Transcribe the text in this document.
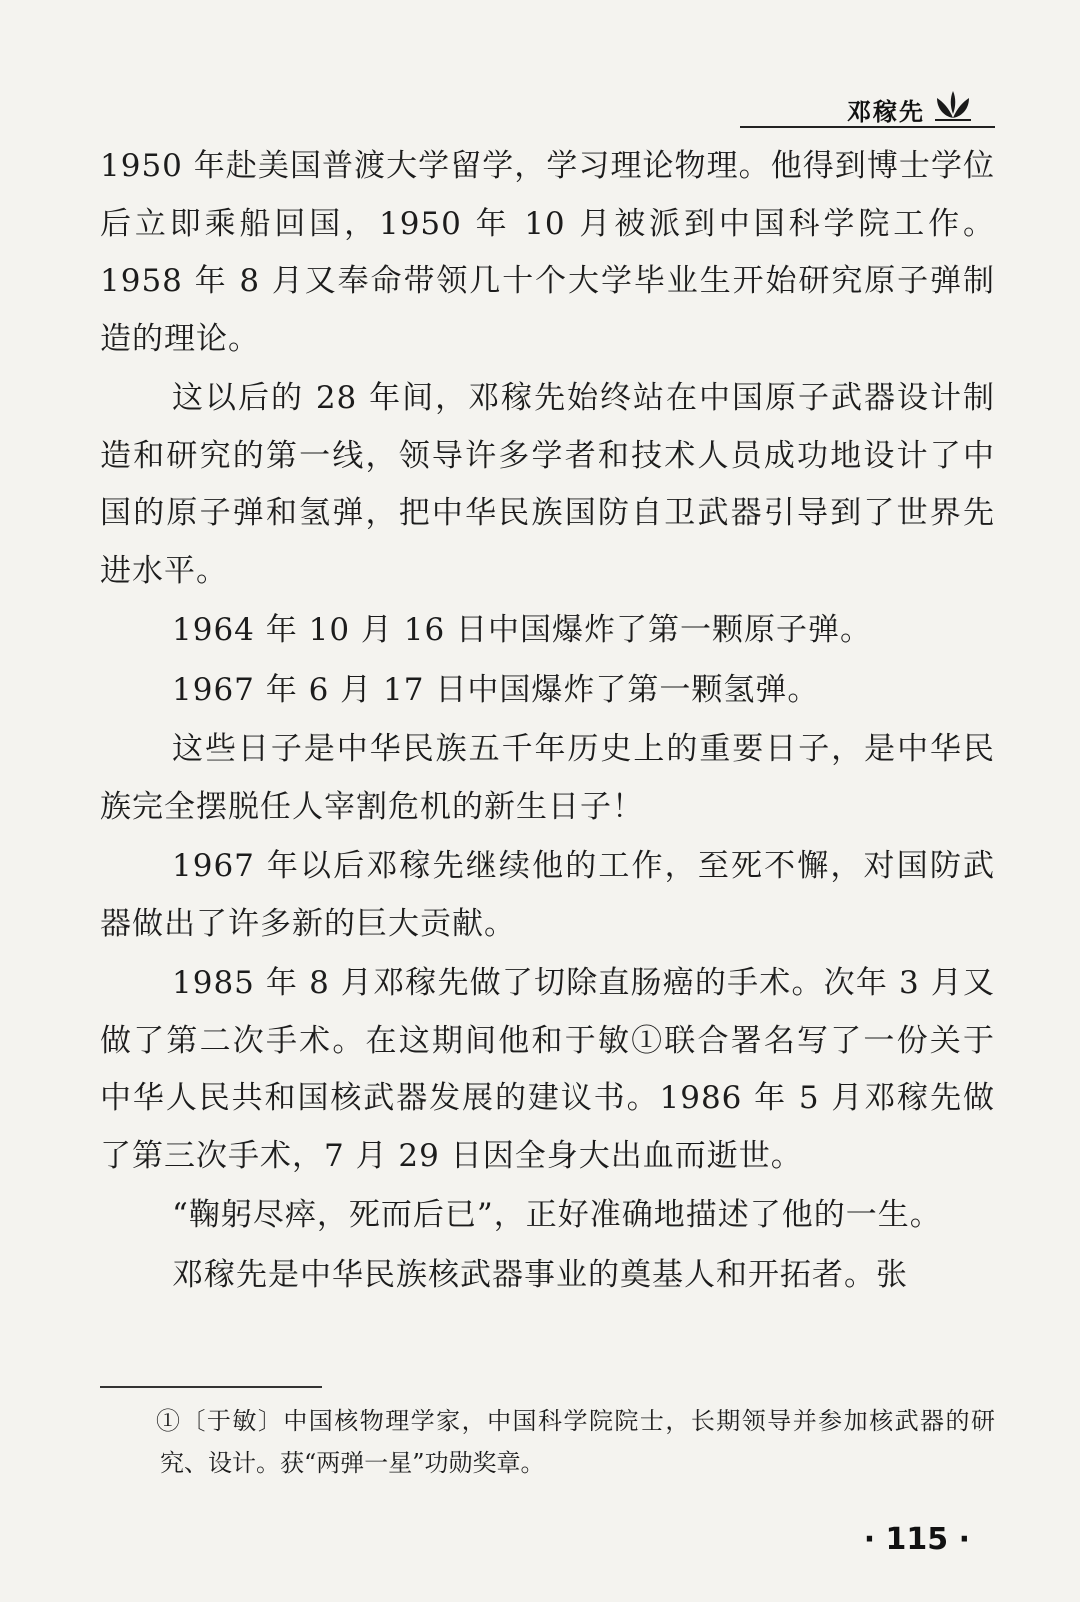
邓稼先

1950 年赴美国普渡大学留学，学习理论物理。他得到博士学位后立即乘船回国，1950 年 10 月被派到中国科学院工作。1958 年 8 月又奉命带领几十个大学毕业生开始研究原子弹制造的理论。

这以后的 28 年间，邓稼先始终站在中国原子武器设计制造和研究的第一线，领导许多学者和技术人员成功地设计了中国的原子弹和氢弹，把中华民族国防自卫武器引导到了世界先进水平。

1964 年 10 月 16 日中国爆炸了第一颗原子弹。

1967 年 6 月 17 日中国爆炸了第一颗氢弹。

这些日子是中华民族五千年历史上的重要日子，是中华民族完全摆脱任人宰割危机的新生日子！

1967 年以后邓稼先继续他的工作，至死不懈，对国防武器做出了许多新的巨大贡献。

1985 年 8 月邓稼先做了切除直肠癌的手术。次年 3 月又做了第二次手术。在这期间他和于敏①联合署名写了一份关于中华人民共和国核武器发展的建议书。1986 年 5 月邓稼先做了第三次手术，7 月 29 日因全身大出血而逝世。

“鞠躬尽瘁，死而后已”，正好准确地描述了他的一生。

邓稼先是中华民族核武器事业的奠基人和开拓者。张

①〔于敏〕中国核物理学家，中国科学院院士，长期领导并参加核武器的研究、设计。获“两弹一星”功勋奖章。
· 115 ·
